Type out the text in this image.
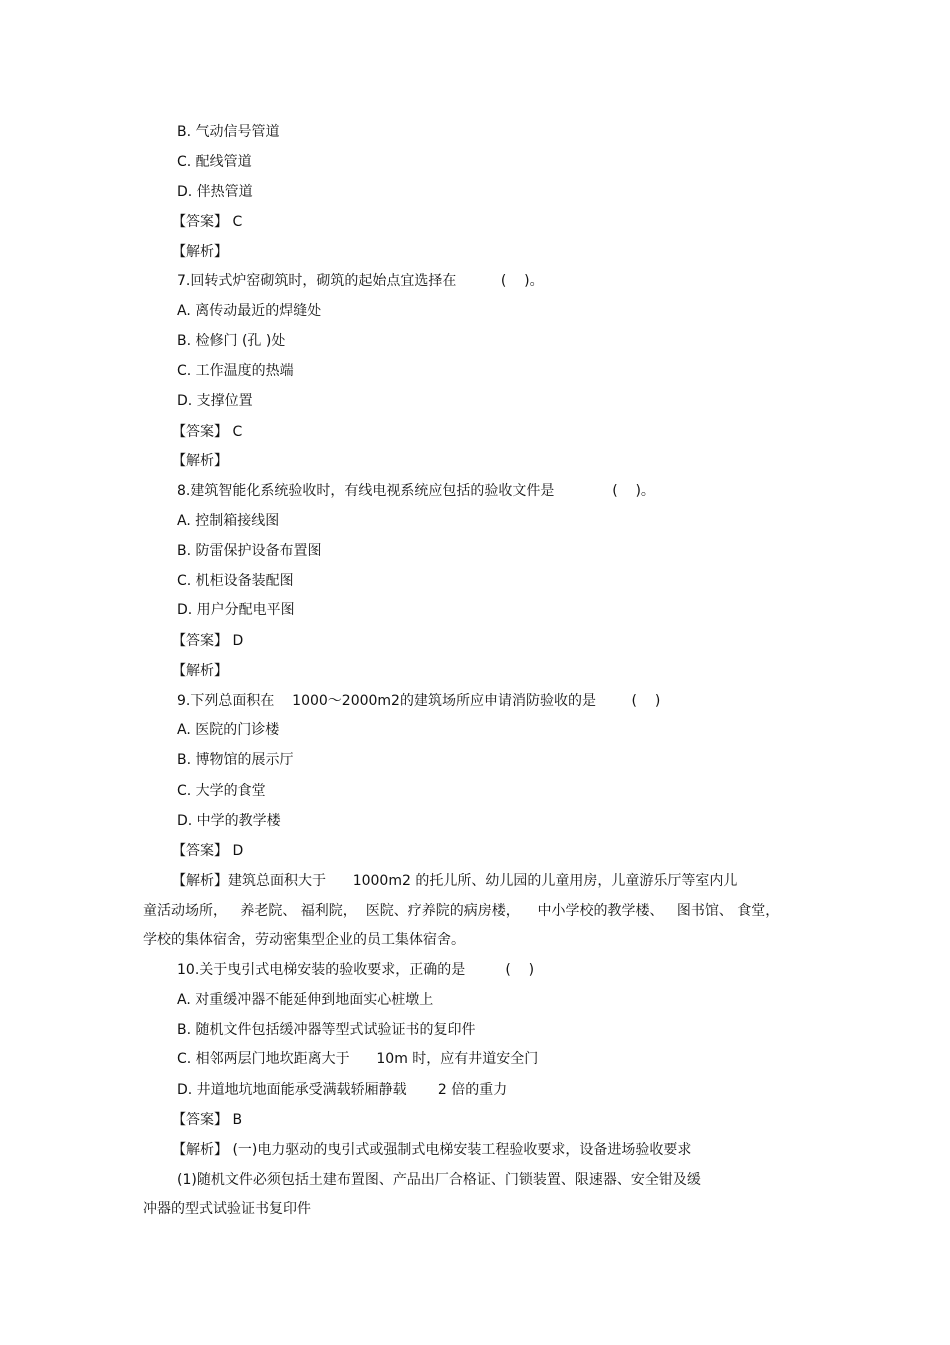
B. 气动信号管道
C. 配线管道
D. 伴热管道
【答案】 C
【解析】
7.回转式炉窑砌筑时，砌筑的起始点宜选择在          (    )。
A. 离传动最近的焊缝处
B. 检修门 (孔 )处
C. 工作温度的热端
D. 支撑位置
【答案】 C
【解析】
8.建筑智能化系统验收时，有线电视系统应包括的验收文件是             (    )。
A. 控制箱接线图
B. 防雷保护设备布置图
C. 机柜设备装配图
D. 用户分配电平图
【答案】 D
【解析】
9.下列总面积在    1000～2000m2的建筑场所应申请消防验收的是        (    )
A. 医院的门诊楼
B. 博物馆的展示厅
C. 大学的食堂
D. 中学的教学楼
【答案】 D
【解析】建筑总面积大于      1000m2 的托儿所、幼儿园的儿童用房，儿童游乐厅等室内儿
童活动场所，   养老院、 福利院，  医院、疗养院的病房楼，    中小学校的教学楼、   图书馆、 食堂，
学校的集体宿舍，劳动密集型企业的员工集体宿舍。
10.关于曳引式电梯安装的验收要求，正确的是         (    )
A. 对重缓冲器不能延伸到地面实心桩墩上
B. 随机文件包括缓冲器等型式试验证书的复印件
C. 相邻两层门地坎距离大于      10m 时，应有井道安全门
D. 井道地坑地面能承受满载轿厢静载       2 倍的重力
【答案】 B
【解析】 (一)电力驱动的曳引式或强制式电梯安装工程验收要求，设备进场验收要求
(1)随机文件必须包括土建布置图、产品出厂合格证、门锁装置、限速器、安全钳及缓
冲器的型式试验证书复印件
